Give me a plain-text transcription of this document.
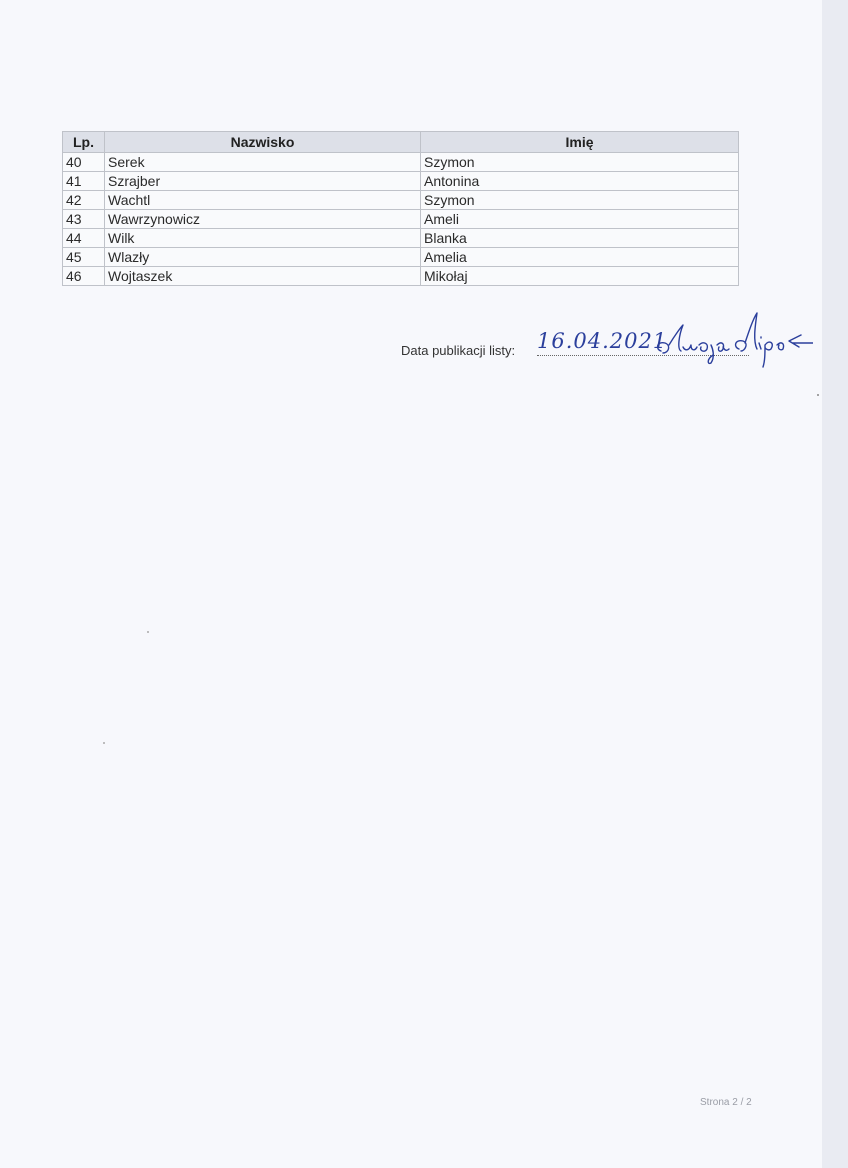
Lp.	Nazwisko	Imię
40	Serek	Szymon
41	Szrajber	Antonina
42	Wachtl	Szymon
43	Wawrzynowicz	Ameli
44	Wilk	Blanka
45	Wlazły	Amelia
46	Wojtaszek	Mikołaj
Data publikacji listy: 16.04.2021
Strona 2 / 2
